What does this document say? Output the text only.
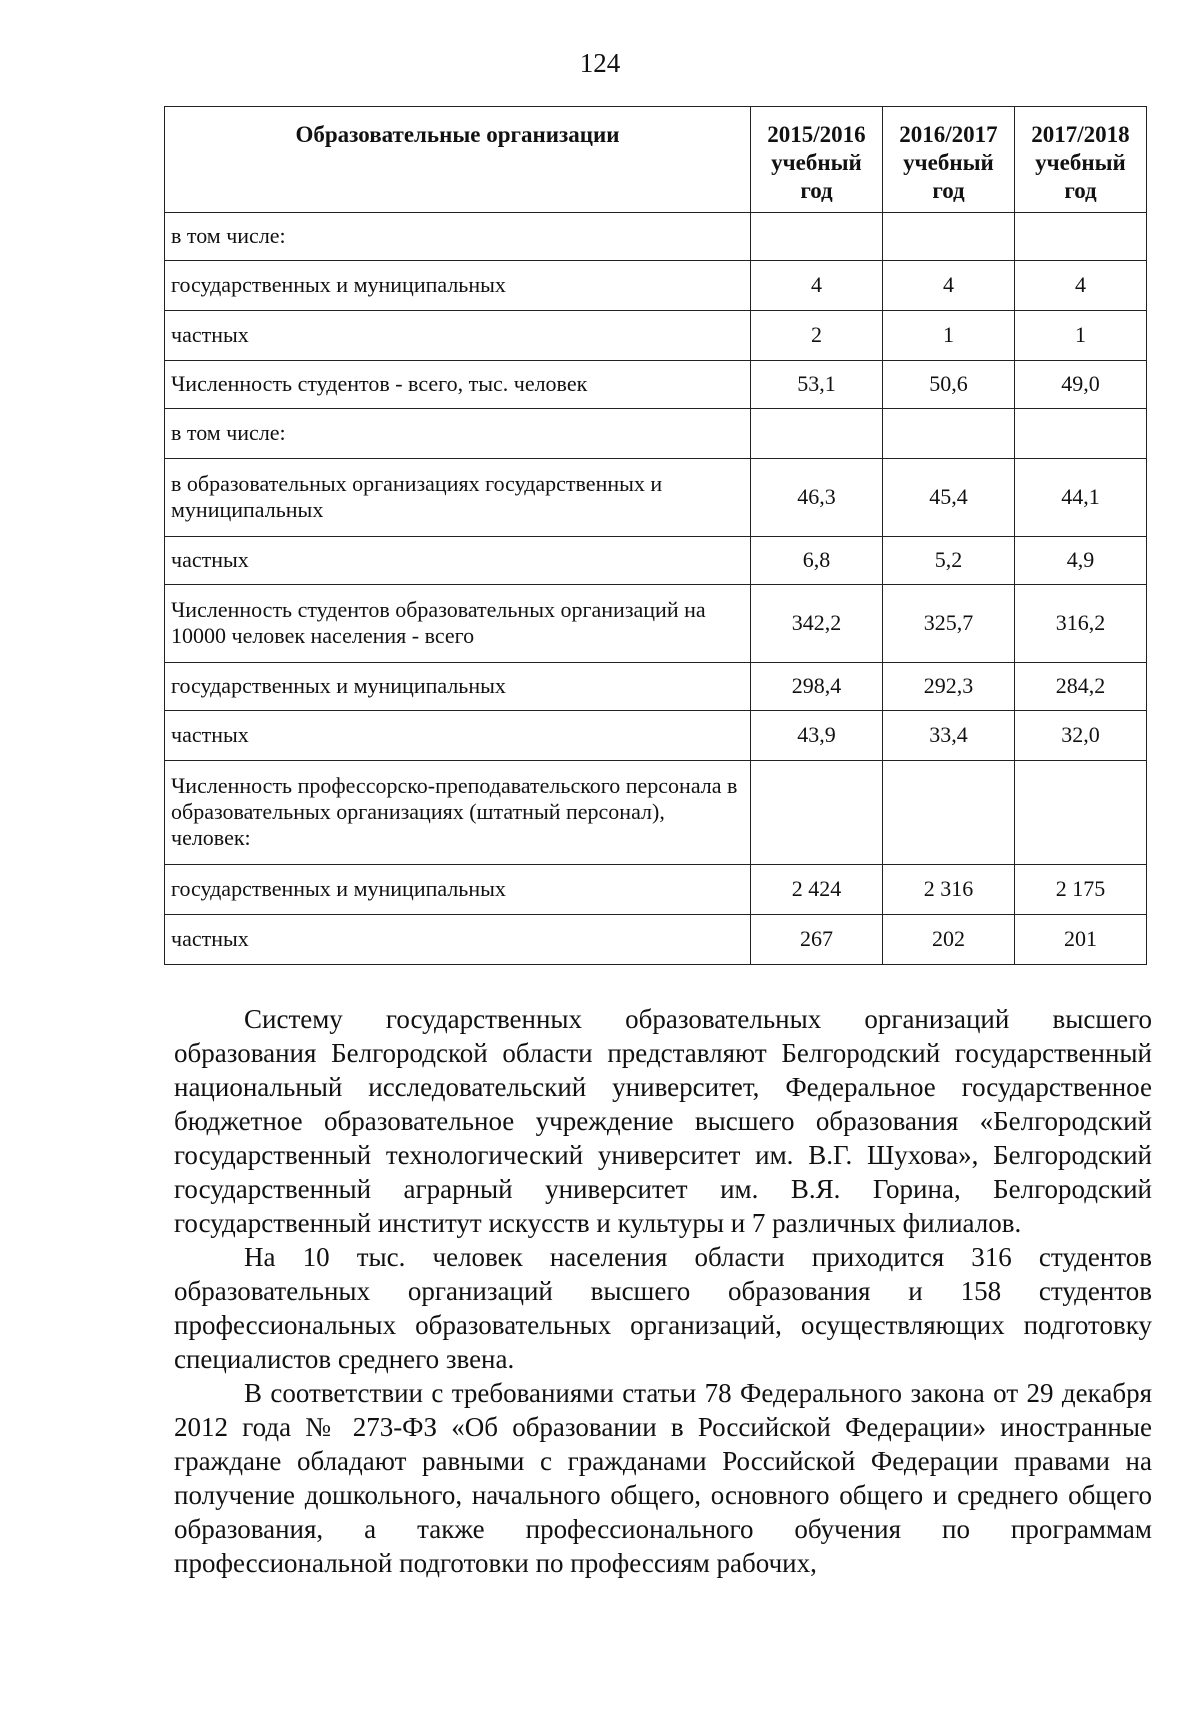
124
Образовательные организации	2015/2016 учебный год	2016/2017 учебный год	2017/2018 учебный год
в том числе:			
государственных и муниципальных	4	4	4
частных	2	1	1
Численность студентов - всего, тыс. человек	53,1	50,6	49,0
в том числе:			
в образовательных организациях государственных и муниципальных	46,3	45,4	44,1
частных	6,8	5,2	4,9
Численность студентов образовательных организаций на 10000 человек населения - всего	342,2	325,7	316,2
государственных и муниципальных	298,4	292,3	284,2
частных	43,9	33,4	32,0
Численность профессорско-преподавательского персонала в образовательных организациях (штатный персонал), человек:			
государственных и муниципальных	2 424	2 316	2 175
частных	267	202	201

Систему государственных образовательных организаций высшего образования Белгородской области представляют Белгородский государственный национальный исследовательский университет, Федеральное государственное бюджетное образовательное учреждение высшего образования «Белгородский государственный технологический университет им. В.Г. Шухова», Белгородский государственный аграрный университет им. В.Я. Горина, Белгородский государственный институт искусств и культуры и 7 различных филиалов.

На 10 тыс. человек населения области приходится 316 студентов образовательных организаций высшего образования и 158 студентов профессиональных образовательных организаций, осуществляющих подготовку специалистов среднего звена.

В соответствии с требованиями статьи 78 Федерального закона от 29 декабря 2012 года № 273-ФЗ «Об образовании в Российской Федерации» иностранные граждане обладают равными с гражданами Российской Федерации правами на получение дошкольного, начального общего, основного общего и среднего общего образования, а также профессионального обучения по программам профессиональной подготовки по профессиям рабочих,
